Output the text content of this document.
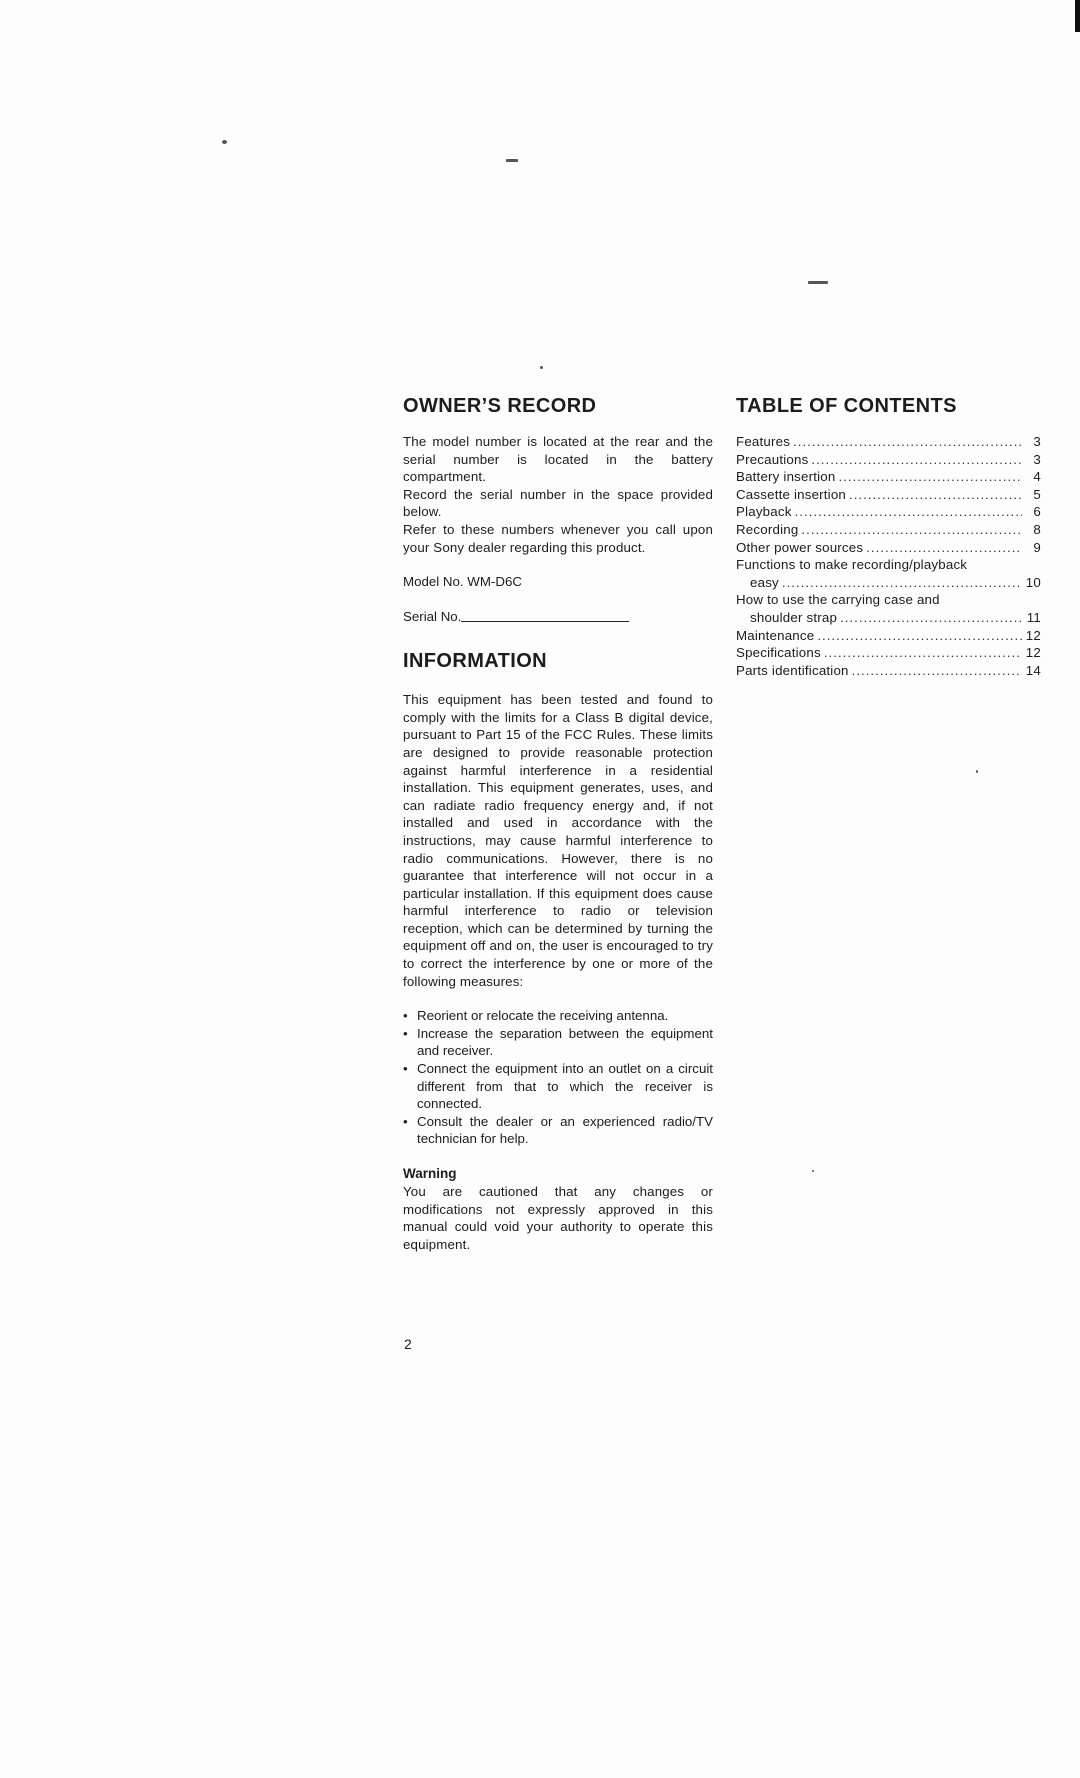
OWNER’S RECORD

The model number is located at the rear and the serial number is located in the battery compartment.

Record the serial number in the space provided below.

Refer to these numbers whenever you call upon your Sony dealer regarding this product.

Model No. WM-D6C
Serial No.
INFORMATION

This equipment has been tested and found to comply with the limits for a Class B digital device, pursuant to Part 15 of the FCC Rules. These limits are designed to provide reasonable protection against harmful interference in a residential installation. This equipment generates, uses, and can radiate radio frequency energy and, if not installed and used in accordance with the instructions, may cause harmful interference to radio communications. However, there is no guarantee that interference will not occur in a particular installation. If this equipment does cause harmful interference to radio or television reception, which can be determined by turning the equipment off and on, the user is encouraged to try to correct the interference by one or more of the following measures:

• Reorient or relocate the receiving antenna.
• Increase the separation between the equipment and receiver.
• Connect the equipment into an outlet on a circuit different from that to which the receiver is connected.
• Consult the dealer or an experienced radio/TV technician for help.
Warning

You are cautioned that any changes or modifications not expressly approved in this manual could void your authority to operate this equipment.

2
TABLE OF CONTENTS
Features .....	3
Precautions .....	3
Battery insertion .....	4
Cassette insertion .....	5
Playback .....	6
Recording .....	8
Other power sources .....	9
Functions to make recording/playback
easy .....	10
How to use the carrying case and
shoulder strap .....	11
Maintenance .....	12
Specifications .....	12
Parts identification .....	14
